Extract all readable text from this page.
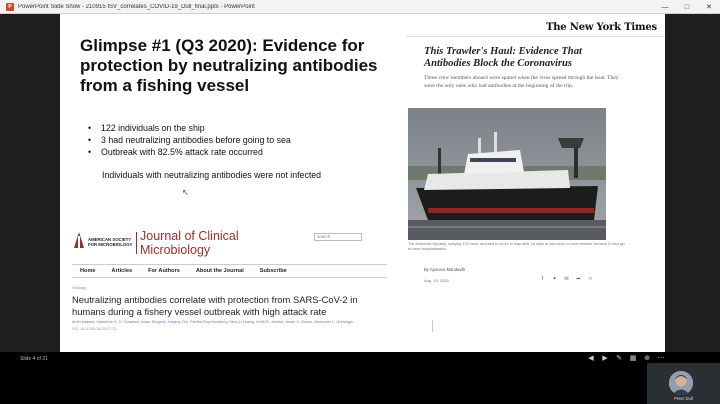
P	PowerPoint Slide Show - 210915 ISV_correlates_COVID-19_Dull_final.pptx - PowerPoint	—	□	✕
Glimpse #1 (Q3 2020): Evidence for protection by neutralizing antibodies from a fishing vessel
• 122 individuals on the ship
• 3 had neutralizing antibodies before going to sea
• Outbreak with 82.5% attack rate occurred
Individuals with neutralizing antibodies were not infected
↖
AMERICAN SOCIETY FOR MICROBIOLOGY
Journal of Clinical Microbiology
search
Home	Articles	For Authors	About the Journal	Subscribe
Virology
Neutralizing antibodies correlate with protection from SARS-CoV-2 in humans during a fishery vessel outbreak with high attack rate
Amin Addetia, Katharine H. D. Crawford, Adam Dingens, Haiying Zhu, Pavitra Roychoudhury, Meei-Li Huang, Keith R. Jerome, Jesse D. Bloom, Alexander L. Greninger
DOI: 10.1128/JCM.02107-20
The New York Times
This Trawler's Haul: Evidence That Antibodies Block the Coronavirus
Three crew members aboard were spared when the virus spread through the boat. They were the only ones who had antibodies at the beginning of the trip.
The American Dynasty, carrying 122 crew, returned to shore in May after 18 days at sea when a crew member became ill enough to need hospitalization.
By Apoorva Mandavilli
Aug. 19, 2020	f	✦	✉	➦	□
Slide 4 of 21	◀	▶	✎	▦	⊕	⋯
Peter Dull
